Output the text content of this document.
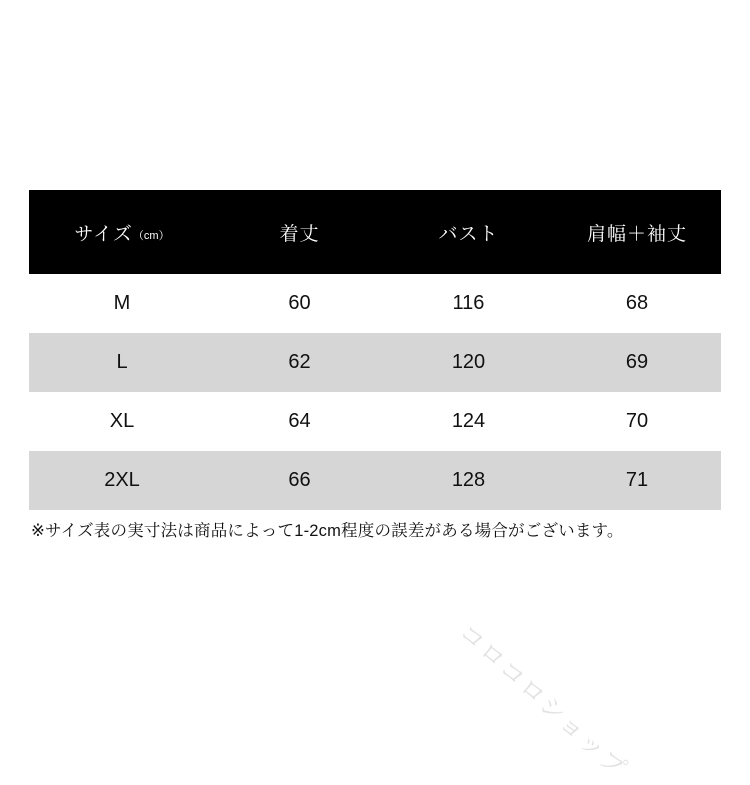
サイズ（cm）	着丈	バスト	肩幅＋袖丈
M	60	116	68
L	62	120	69
XL	64	124	70
2XL	66	128	71
※サイズ表の実寸法は商品によって1-2cm程度の誤差がある場合がございます。
コロコロショップ
